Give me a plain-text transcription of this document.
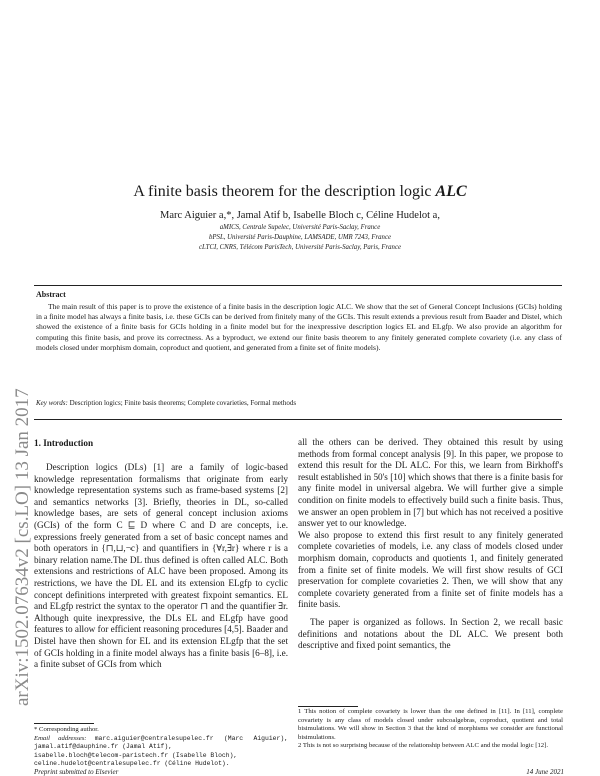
arXiv:1502.07634v2 [cs.LO] 13 Jan 2017
A finite basis theorem for the description logic ALC
Marc Aiguier a,*, Jamal Atif b, Isabelle Bloch c, Céline Hudelot a,
aMICS, Centrale Supelec, Université Paris-Saclay, France
bPSL, Université Paris-Dauphine, LAMSADE, UMR 7243, France
cLTCI, CNRS, Télécom ParisTech, Université Paris-Saclay, Paris, France
Abstract
The main result of this paper is to prove the existence of a finite basis in the description logic ALC. We show that the set of General Concept Inclusions (GCIs) holding in a finite model has always a finite basis, i.e. these GCIs can be derived from finitely many of the GCIs. This result extends a previous result from Baader and Distel, which showed the existence of a finite basis for GCIs holding in a finite model but for the inexpressive description logics EL and ELgfp. We also provide an algorithm for computing this finite basis, and prove its correctness. As a byproduct, we extend our finite basis theorem to any finitely generated complete covariety (i.e. any class of models closed under morphism domain, coproduct and quotient, and generated from a finite set of finite models).
Key words: Description logics; Finite basis theorems; Complete covarieties, Formal methods
1. Introduction

Description logics (DLs) [1] are a family of logic-based knowledge representation formalisms that originate from early knowledge representation systems such as frame-based systems [2] and semantics networks [3]. Briefly, theories in DL, so-called knowledge bases, are sets of general concept inclusion axioms (GCIs) of the form C ⊑ D where C and D are concepts, i.e. expressions freely generated from a set of basic concept names and both operators in {⊓,⊔,¬c} and quantifiers in {∀r,∃r} where r is a binary relation name.The DL thus defined is often called ALC. Both extensions and restrictions of ALC have been proposed. Among its restrictions, we have the DL EL and its extension ELgfp to cyclic concept definitions interpreted with greatest fixpoint semantics. EL and ELgfp restrict the syntax to the operator ⊓ and the quantifier ∃r. Although quite inexpressive, the DLs EL and ELgfp have good features to allow for efficient reasoning procedures [4,5]. Baader and Distel have then shown for EL and its extension ELgfp that the set of GCIs holding in a finite model always has a finite basis [6–8], i.e. a finite subset of GCIs from which

all the others can be derived. They obtained this result by using methods from formal concept analysis [9]. In this paper, we propose to extend this result for the DL ALC. For this, we learn from Birkhoff's result established in 50's [10] which shows that there is a finite basis for any finite model in universal algebra. We will further give a simple condition on finite models to effectively build such a finite basis. Thus, we answer an open problem in [7] but which has not received a positive answer yet to our knowledge.

We also propose to extend this first result to any finitely generated complete covarieties of models, i.e. any class of models closed under morphism domain, coproducts and quotients 1, and finitely generated from a finite set of finite models. We will first show results of GCI preservation for complete covarieties 2. Then, we will show that any complete covariety generated from a finite set of finite models has a finite basis.

The paper is organized as follows. In Section 2, we recall basic definitions and notations about the DL ALC. We present both descriptive and fixed point semantics, the

* Corresponding author.
Email addresses: marc.aiguier@centralesupelec.fr (Marc Aiguier), jamal.atif@dauphine.fr (Jamal Atif),
isabelle.bloch@telecom-paristech.fr (Isabelle Bloch),
celine.hudelot@centralesupelec.fr (Céline Hudelot).
1 This notion of complete covariety is lower than the one defined in [11]. In [11], complete covariety is any class of models closed under subcoalgebras, coproduct, quotient and total bisimulations. We will show in Section 3 that the kind of morphisms we consider are functional bisimulations.
2 This is not so surprising because of the relationship between ALC and the modal logic [12].
Preprint submitted to Elsevier	14 June 2021
